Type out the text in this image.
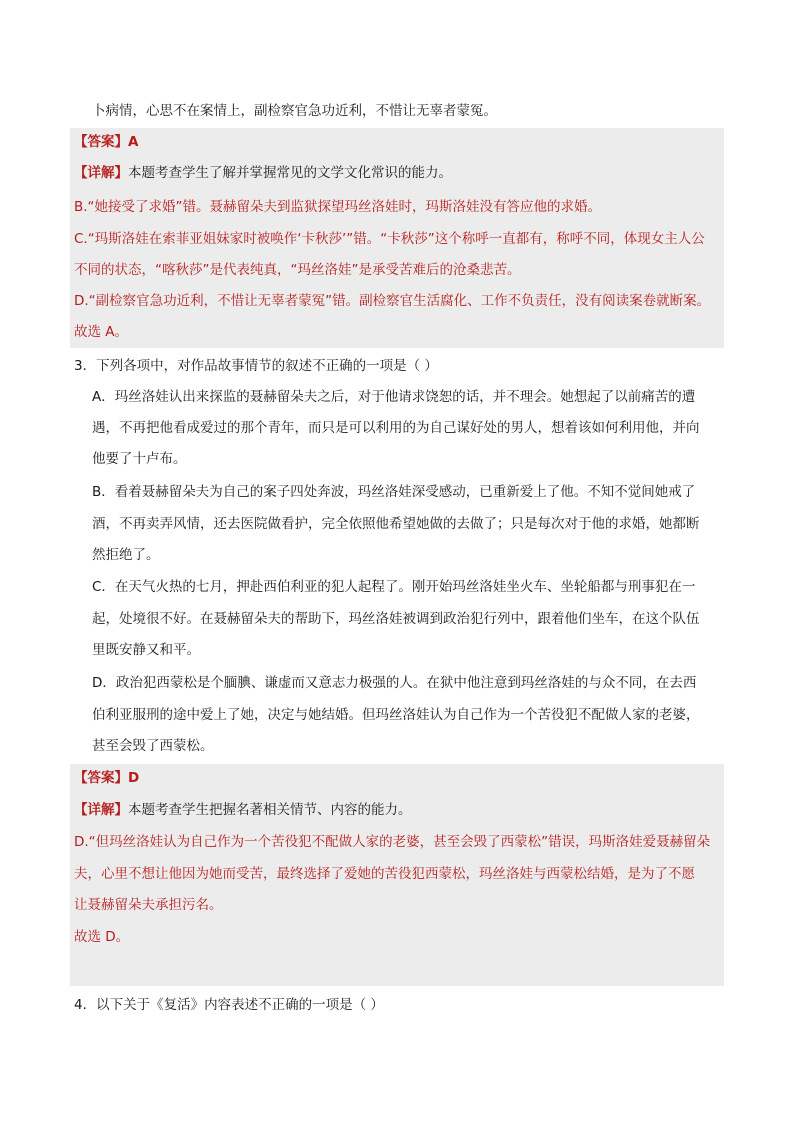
卜病情，心思不在案情上，副检察官急功近利，不惜让无辜者蒙冤。
【答案】A
【详解】本题考查学生了解并掌握常见的文学文化常识的能力。
B.“她接受了求婚”错。聂赫留朵夫到监狱探望玛丝洛娃时，玛斯洛娃没有答应他的求婚。
C.“玛斯洛娃在索菲亚姐妹家时被唤作‘卡秋莎’”错。“卡秋莎”这个称呼一直都有，称呼不同，体现女主人公
不同的状态，“喀秋莎”是代表纯真，“玛丝洛娃”是承受苦难后的沧桑悲苦。
D.“副检察官急功近利，不惜让无辜者蒙冤”错。副检察官生活腐化、工作不负责任，没有阅读案卷就断案。
故选 A。
3．下列各项中，对作品故事情节的叙述不正确的一项是（ ）
A．玛丝洛娃认出来探监的聂赫留朵夫之后，对于他请求饶恕的话，并不理会。她想起了以前痛苦的遭
遇，不再把他看成爱过的那个青年，而只是可以利用的为自己谋好处的男人，想着该如何利用他，并向
他要了十卢布。
B．看着聂赫留朵夫为自己的案子四处奔波，玛丝洛娃深受感动，已重新爱上了他。不知不觉间她戒了
酒，不再卖弄风情，还去医院做看护，完全依照他希望她做的去做了；只是每次对于他的求婚，她都断
然拒绝了。
C．在天气火热的七月，押赴西伯利亚的犯人起程了。刚开始玛丝洛娃坐火车、坐轮船都与刑事犯在一
起，处境很不好。在聂赫留朵夫的帮助下，玛丝洛娃被调到政治犯行列中，跟着他们坐车，在这个队伍
里既安静又和平。
D．政治犯西蒙松是个腼腆、谦虚而又意志力极强的人。在狱中他注意到玛丝洛娃的与众不同，在去西
伯利亚服刑的途中爱上了她，决定与她结婚。但玛丝洛娃认为自己作为一个苦役犯不配做人家的老婆，
甚至会毁了西蒙松。
【答案】D
【详解】本题考查学生把握名著相关情节、内容的能力。
D.“但玛丝洛娃认为自己作为一个苦役犯不配做人家的老婆，甚至会毁了西蒙松”错误，玛斯洛娃爱聂赫留朵
夫，心里不想让他因为她而受苦，最终选择了爱她的苦役犯西蒙松，玛丝洛娃与西蒙松结婚，是为了不愿
让聂赫留朵夫承担污名。
故选 D。
4．以下关于《复活》内容表述不正确的一项是（ ）
